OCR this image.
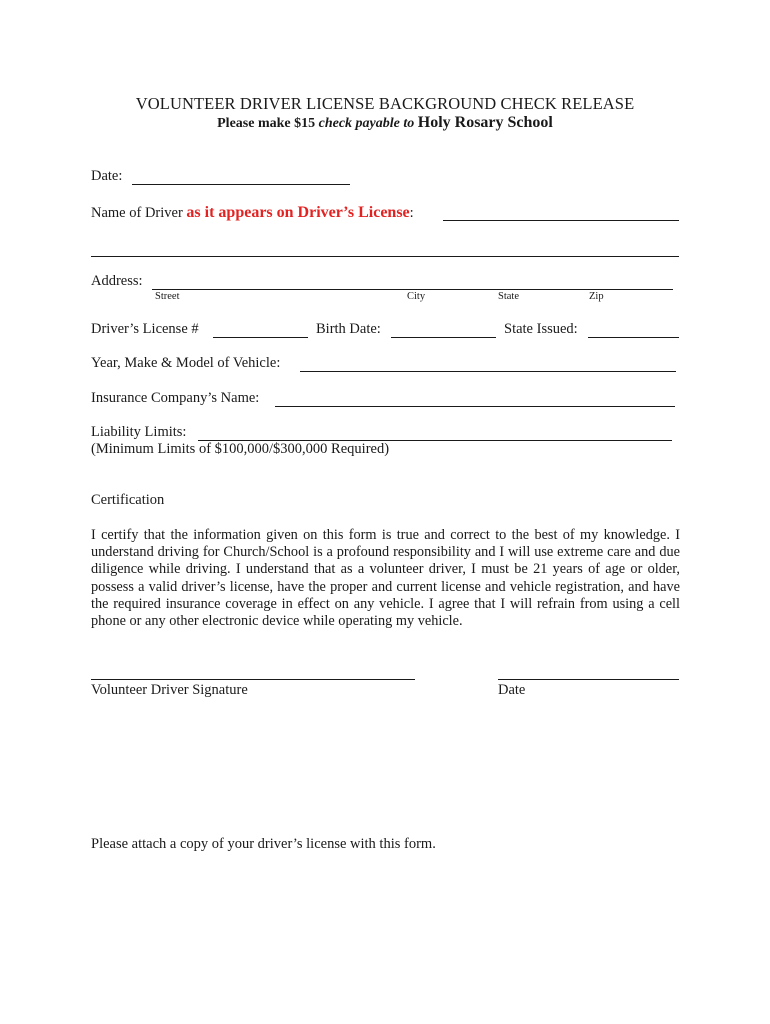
VOLUNTEER DRIVER LICENSE BACKGROUND CHECK RELEASE
Please make $15 check payable to Holy Rosary School
Date:
Name of Driver as it appears on Driver’s License:
Address:
Street	City	State	Zip
Driver’s License #	Birth Date:	State Issued:
Year, Make & Model of Vehicle:
Insurance Company’s Name:
Liability Limits:
(Minimum Limits of $100,000/$300,000 Required)
Certification
I certify that the information given on this form is true and correct to the best of my knowledge. I understand driving for Church/School is a profound responsibility and I will use extreme care and due diligence while driving. I understand that as a volunteer driver, I must be 21 years of age or older, possess a valid driver’s license, have the proper and current license and vehicle registration, and have the required insurance coverage in effect on any vehicle. I agree that I will refrain from using a cell phone or any other electronic device while operating my vehicle.
Volunteer Driver Signature	Date
Please attach a copy of your driver’s license with this form.
